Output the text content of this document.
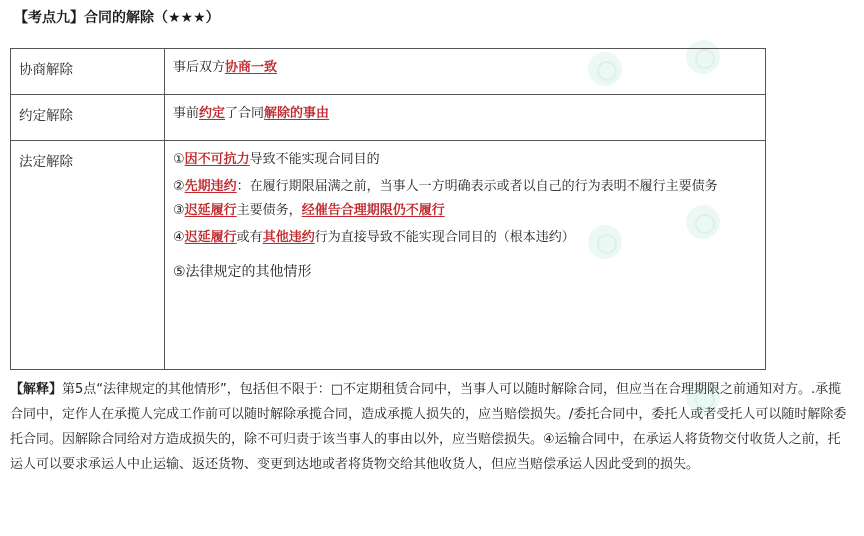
【考点九】合同的解除（★★★）
协商解除	事后双方协商一致

约定解除	事前约定了合同解除的事由

法定解除	①因不可抗力导致不能实现合同目的
②先期违约：在履行期限届满之前，当事人一方明确表示或者以自己的行为表明不履行主要债务
③迟延履行主要债务，经催告合理期限仍不履行
④迟延履行或有其他违约行为直接导致不能实现合同目的（根本违约）
⑤法律规定的其他情形
【解释】第5点“法律规定的其他情形”，包括但不限于：□不定期租赁合同中，当事人可以随时解除合同，但应当在合理期限之前通知对方。.承揽合同中，定作人在承揽人完成工作前可以随时解除承揽合同，造成承揽人损失的，应当赔偿损失。/委托合同中，委托人或者受托人可以随时解除委托合同。因解除合同给对方造成损失的，除不可归责于该当事人的事由以外，应当赔偿损失。④运输合同中，在承运人将货物交付收货人之前，托运人可以要求承运人中止运输、返还货物、变更到达地或者将货物交给其他收货人，但应当赔偿承运人因此受到的损失。
